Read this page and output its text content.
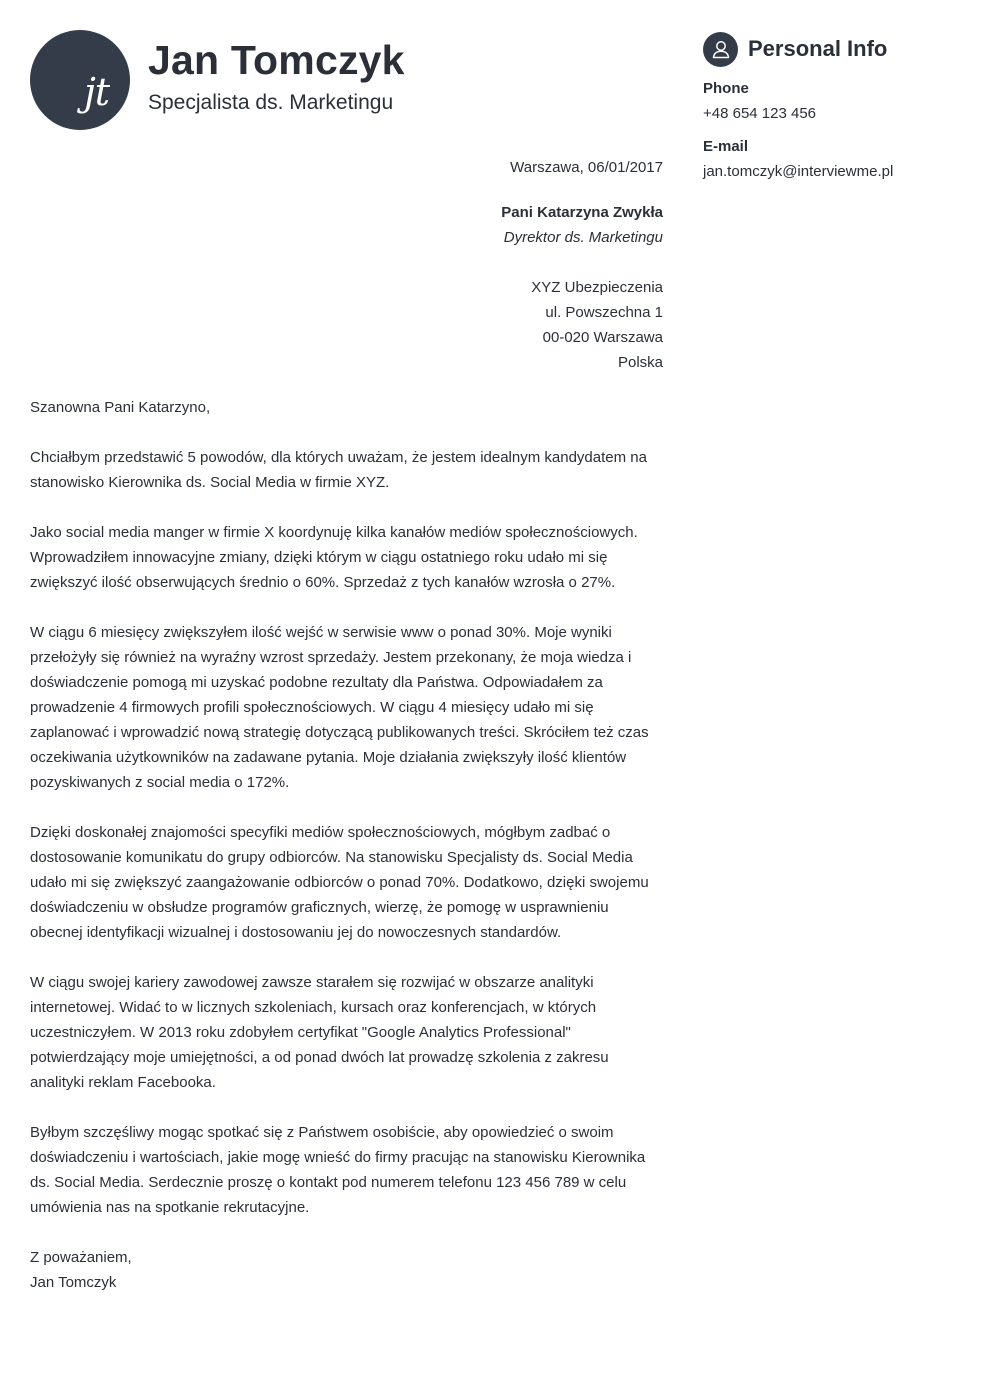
jt
Jan Tomczyk
Specjalista ds. Marketingu
Warszawa, 06/01/2017
Pani Katarzyna Zwykła
Dyrektor ds. Marketingu
XYZ Ubezpieczenia
ul. Powszechna 1
00-020 Warszawa
Polska
Szanowna Pani Katarzyno,
Chciałbym przedstawić 5 powodów, dla których uważam, że jestem idealnym kandydatem na stanowisko Kierownika ds. Social Media w firmie XYZ.
Jako social media manger w firmie X koordynuję kilka kanałów mediów społecznościowych. Wprowadziłem innowacyjne zmiany, dzięki którym w ciągu ostatniego roku udało mi się zwiększyć ilość obserwujących średnio o 60%. Sprzedaż z tych kanałów wzrosła o 27%.
W ciągu 6 miesięcy zwiększyłem ilość wejść w serwisie www o ponad 30%. Moje wyniki przełożyły się również na wyraźny wzrost sprzedaży. Jestem przekonany, że moja wiedza i doświadczenie pomogą mi uzyskać podobne rezultaty dla Państwa. Odpowiadałem za prowadzenie 4 firmowych profili społecznościowych. W ciągu 4 miesięcy udało mi się zaplanować i wprowadzić nową strategię dotyczącą publikowanych treści. Skróciłem też czas oczekiwania użytkowników na zadawane pytania. Moje działania zwiększyły ilość klientów pozyskiwanych z social media o 172%.
Dzięki doskonałej znajomości specyfiki mediów społecznościowych, mógłbym zadbać o dostosowanie komunikatu do grupy odbiorców. Na stanowisku Specjalisty ds. Social Media udało mi się zwiększyć zaangażowanie odbiorców o ponad 70%. Dodatkowo, dzięki swojemu doświadczeniu w obsłudze programów graficznych, wierzę, że pomogę w usprawnieniu obecnej identyfikacji wizualnej i dostosowaniu jej do nowoczesnych standardów.
W ciągu swojej kariery zawodowej zawsze starałem się rozwijać w obszarze analityki internetowej. Widać to w licznych szkoleniach, kursach oraz konferencjach, w których uczestniczyłem. W 2013 roku zdobyłem certyfikat "Google Analytics Professional" potwierdzający moje umiejętności, a od ponad dwóch lat prowadzę szkolenia z zakresu analityki reklam Facebooka.
Byłbym szczęśliwy mogąc spotkać się z Państwem osobiście, aby opowiedzieć o swoim doświadczeniu i wartościach, jakie mogę wnieść do firmy pracując na stanowisku Kierownika ds. Social Media. Serdecznie proszę o kontakt pod numerem telefonu 123 456 789 w celu umówienia nas na spotkanie rekrutacyjne.
Z poważaniem,
Jan Tomczyk
Personal Info
Phone
+48 654 123 456
E-mail
jan.tomczyk@interviewme.pl
